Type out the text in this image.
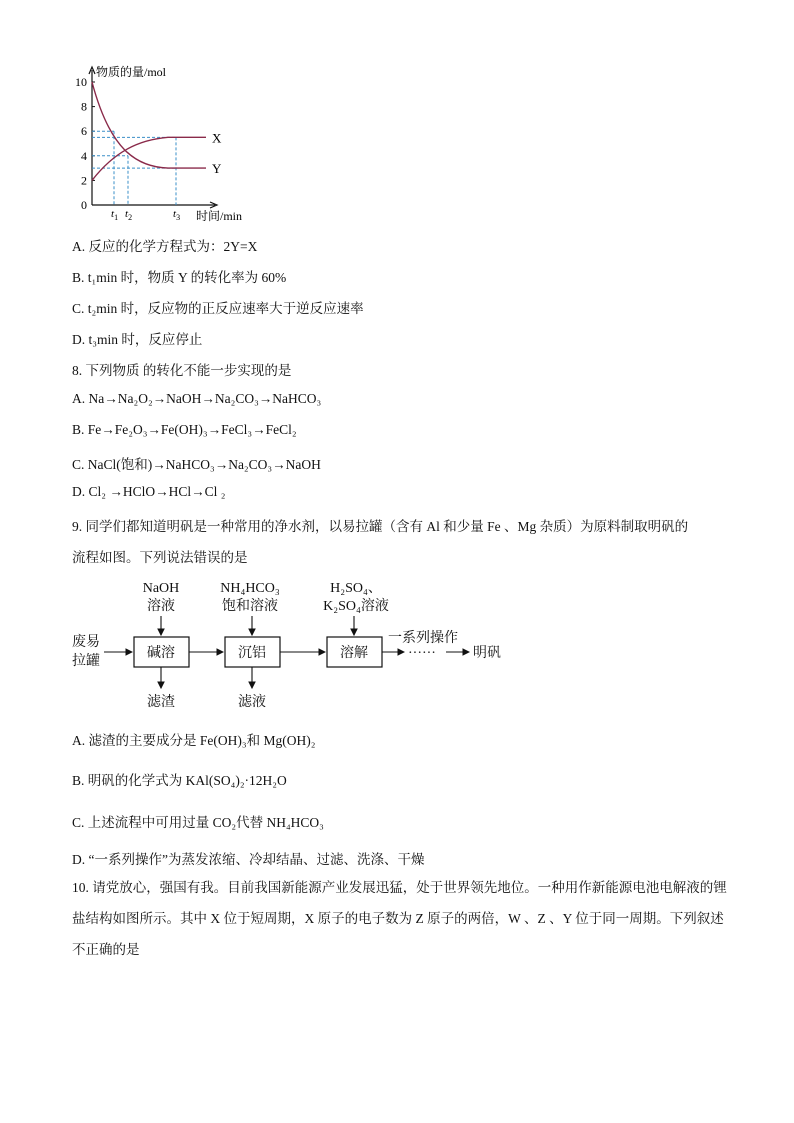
物质的量/mol
时间/min
0
2
4
6
8
10
$t_1$ $t_2$	$t_3$
X
Y
A. 反应的化学方程式为：2Y=X
B. t₁min 时，物质 Y 的转化率为 60%
C. t₂min 时，反应物的正反应速率大于逆反应速率
D. t₃min 时，反应停止
8. 下列物质 的转化不能一步实现的是
A. Na→Na₂O₂→NaOH→Na₂CO₃→NaHCO₃
B. Fe→Fe₂O₃→Fe(OH)₃→FeCl₃→FeCl₂
C. NaCl(饱和)→NaHCO₃→Na₂CO₃→NaOH
D. Cl₂ →HClO→HCl→Cl ₂
9. 同学们都知道明矾是一种常用的净水剂，以易拉罐（含有 Al 和少量 Fe 、Mg 杂质）为原料制取明矾的
流程如图。下列说法错误的是
NaOH
溶液
NH₄HCO₃
饱和溶液
H₂SO₄、
K₂SO₄溶液
废易
拉罐
碱溶	沉铝	溶解
滤渣	滤液
一系列操作
······	明矾
A. 滤渣的主要成分是 Fe(OH)₃和 Mg(OH)₂
B. 明矾的化学式为 KAl(SO₄)₂·12H₂O
C. 上述流程中可用过量 CO₂代替 NH₄HCO₃
D. “一系列操作”为蒸发浓缩、冷却结晶、过滤、洗涤、干燥
10. 请党放心，强国有我。目前我国新能源产业发展迅猛，处于世界领先地位。一种用作新能源电池电解液的锂盐结构如图所示。其中 X 位于短周期，X 原子的电子数为 Z 原子的两倍，W 、Z 、Y 位于同一周期。下列叙述不正确的是
